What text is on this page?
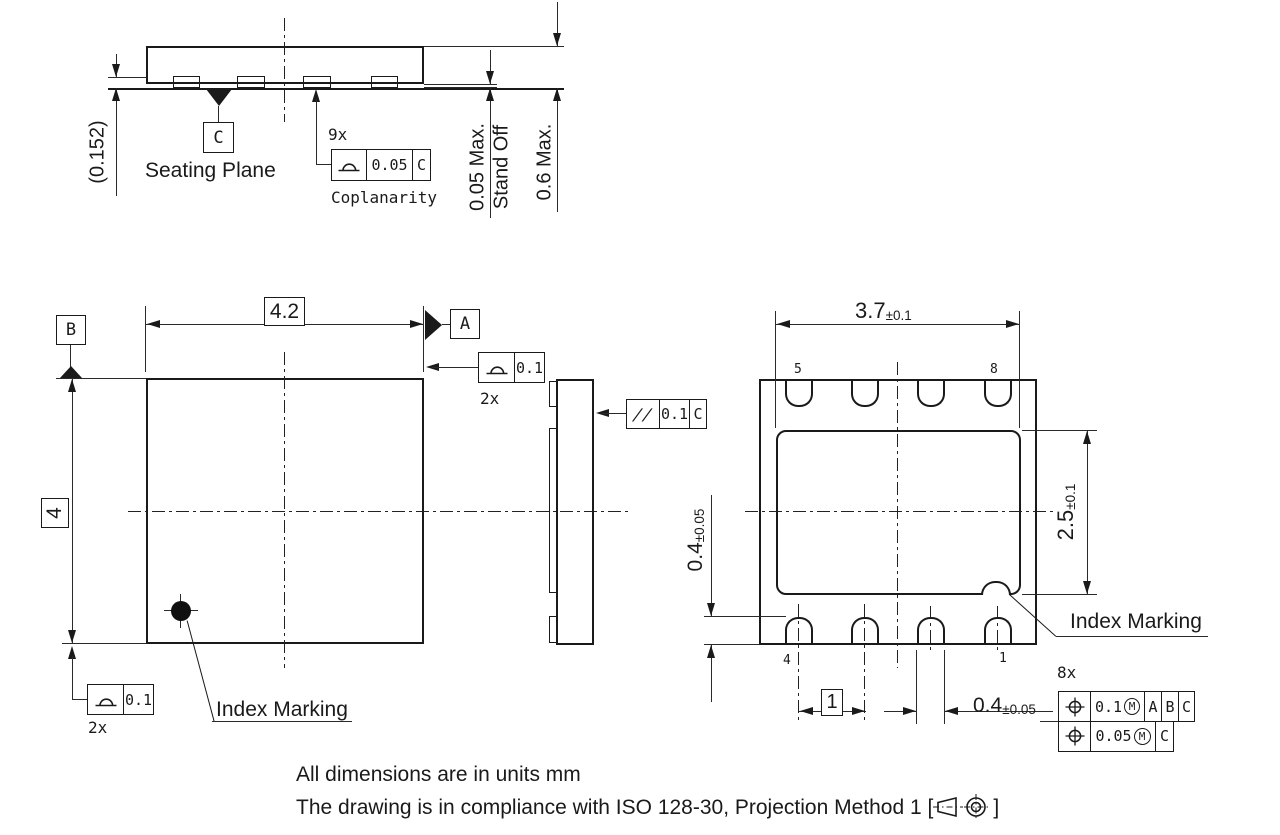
(0.152)	C
Seating Plane
9x
0.05 C
Coplanarity 0.05 Max. Stand Off 0.6 Max.
Index Marking
4.2
A
0.1
2x
B
4
0.1
2x
// 0.1 C
5	8
4	1
3.7 ±0.1
2.5
±0.1
0.4
±0.05
1	0.4 ±0.05
8x
0.1 M A B C
0.05 M C
Index Marking
All dimensions are in units mm
The drawing is in compliance with ISO 128-30, Projection Method 1 [	]
